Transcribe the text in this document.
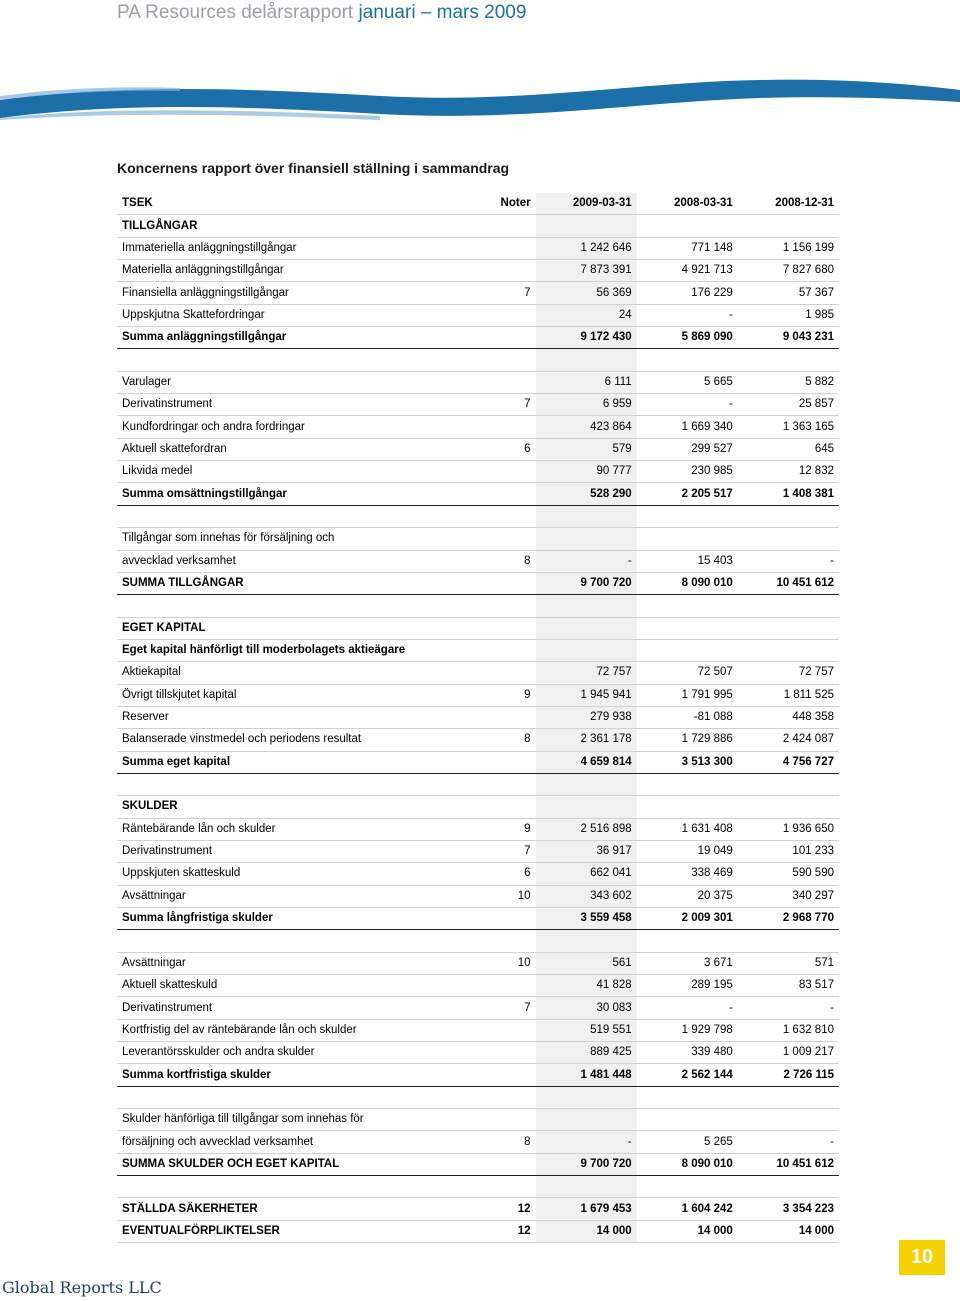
PA Resources delårsrapport januari – mars 2009
Koncernens rapport över finansiell ställning i sammandrag
TSEK	Noter	2009-03-31	2008-03-31	2008-12-31
TILLGÅNGAR				
Immateriella anläggningstillgångar		1 242 646	771 148	1 156 199
Materiella anläggningstillgångar		7 873 391	4 921 713	7 827 680
Finansiella anläggningstillgångar	7	56 369	176 229	57 367
Uppskjutna Skattefordringar		24	-	1 985
Summa anläggningstillgångar		9 172 430	5 869 090	9 043 231

Varulager		6 111	5 665	5 882
Derivatinstrument	7	6 959	-	25 857
Kundfordringar och andra fordringar		423 864	1 669 340	1 363 165
Aktuell skattefordran	6	579	299 527	645
Likvida medel		90 777	230 985	12 832
Summa omsättningstillgångar		528 290	2 205 517	1 408 381

Tillgångar som innehas för försäljning och				
avvecklad verksamhet	8	-	15 403	-
SUMMA TILLGÅNGAR		9 700 720	8 090 010	10 451 612

EGET KAPITAL				
Eget kapital hänförligt till moderbolagets aktieägare				
Aktiekapital		72 757	72 507	72 757
Övrigt tillskjutet kapital	9	1 945 941	1 791 995	1 811 525
Reserver		279 938	-81 088	448 358
Balanserade vinstmedel och periodens resultat	8	2 361 178	1 729 886	2 424 087
Summa eget kapital		4 659 814	3 513 300	4 756 727

SKULDER				
Räntebärande lån och skulder	9	2 516 898	1 631 408	1 936 650
Derivatinstrument	7	36 917	19 049	101 233
Uppskjuten skatteskuld	6	662 041	338 469	590 590
Avsättningar	10	343 602	20 375	340 297
Summa långfristiga skulder		3 559 458	2 009 301	2 968 770

Avsättningar	10	561	3 671	571
Aktuell skatteskuld		41 828	289 195	83 517
Derivatinstrument	7	30 083	-	-
Kortfristig del av räntebärande lån och skulder		519 551	1 929 798	1 632 810
Leverantörsskulder och andra skulder		889 425	339 480	1 009 217
Summa kortfristiga skulder		1 481 448	2 562 144	2 726 115

Skulder hänförliga till tillgångar som innehas för				
försäljning och avvecklad verksamhet	8	-	5 265	-
SUMMA SKULDER OCH EGET KAPITAL		9 700 720	8 090 010	10 451 612

STÄLLDA SÄKERHETER	12	1 679 453	1 604 242	3 354 223
EVENTUALFÖRPLIKTELSER	12	14 000	14 000	14 000
10
Global Reports LLC
